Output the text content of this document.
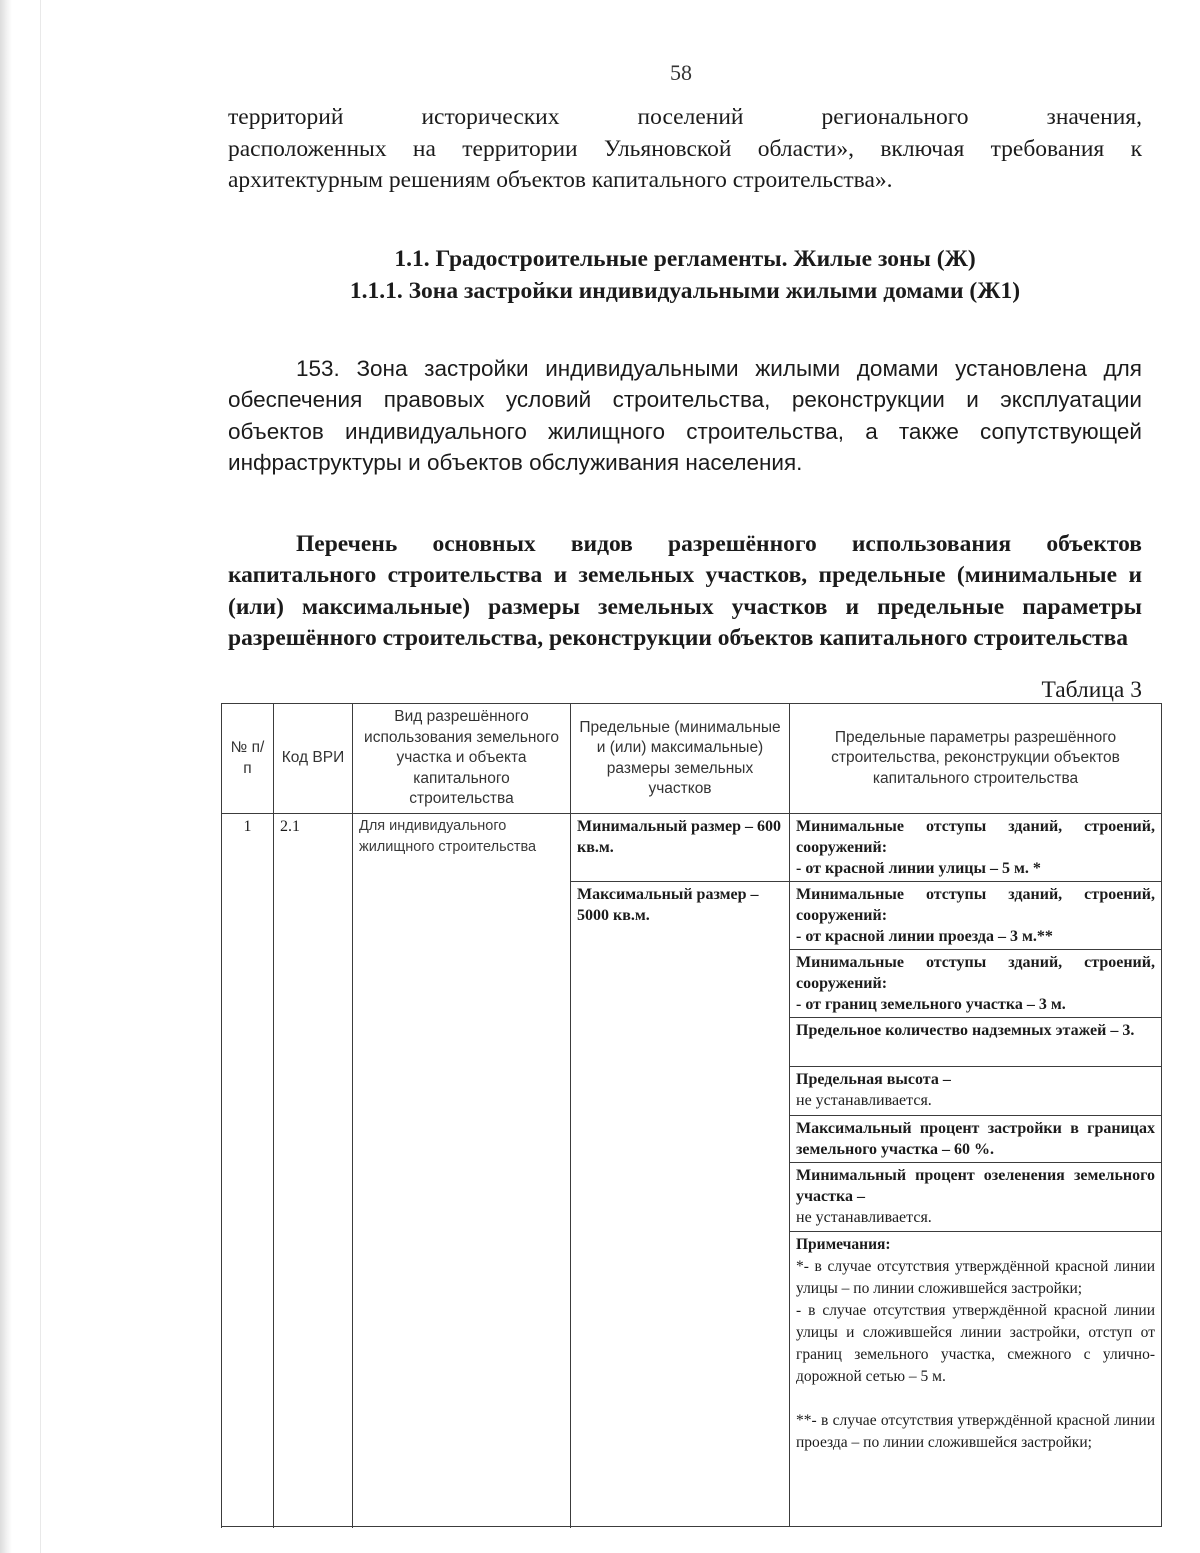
58

территорий исторических поселений регионального значения,

расположенных на территории Ульяновской области», включая требования к архитектурным решениям объектов капитального строительства».

1.1. Градостроительные регламенты. Жилые зоны (Ж)

1.1.1. Зона застройки индивидуальными жилыми домами (Ж1)

153. Зона застройки индивидуальными жилыми домами установлена для обеспечения правовых условий строительства, реконструкции и эксплуатации объектов индивидуального жилищного строительства, а также сопутствующей инфраструктуры и объектов обслуживания населения.

Перечень основных видов разрешённого использования объектов капитального строительства и земельных участков, предельные (минимальные и (или) максимальные) размеры земельных участков и предельные параметры разрешённого строительства, реконструкции объектов капитального строительства

Таблица 3
№ п/п	Код ВРИ	Вид разрешённого использования земельного участка и объекта капитального строительства	Предельные (минимальные и (или) максимальные) размеры земельных участков	Предельные параметры разрешённого строительства, реконструкции объектов капитального строительства
1	2.1	Для индивидуального жилищного строительства	Минимальный размер – 600 кв.м.	Минимальные отступы зданий, строений, сооружений:
- от красной линии улицы – 5 м. *
			Максимальный размер – 5000 кв.м.	Минимальные отступы зданий, строений, сооружений:
- от красной линии проезда – 3 м.**
				Минимальные отступы зданий, строений, сооружений:
- от границ земельного участка – 3 м.
				Предельное количество надземных этажей – 3.
				Предельная высота –
не устанавливается.
				Максимальный процент застройки в границах земельного участка – 60 %.
				Минимальный процент озеленения земельного участка –
не устанавливается.
				Примечания:
*- в случае отсутствия утверждённой красной линии улицы – по линии сложившейся застройки;
- в случае отсутствия утверждённой красной линии улицы и сложившейся линии застройки, отступ от границ земельного участка, смежного с улично-дорожной сетью – 5 м.
**- в случае отсутствия утверждённой красной линии проезда – по линии сложившейся застройки;
